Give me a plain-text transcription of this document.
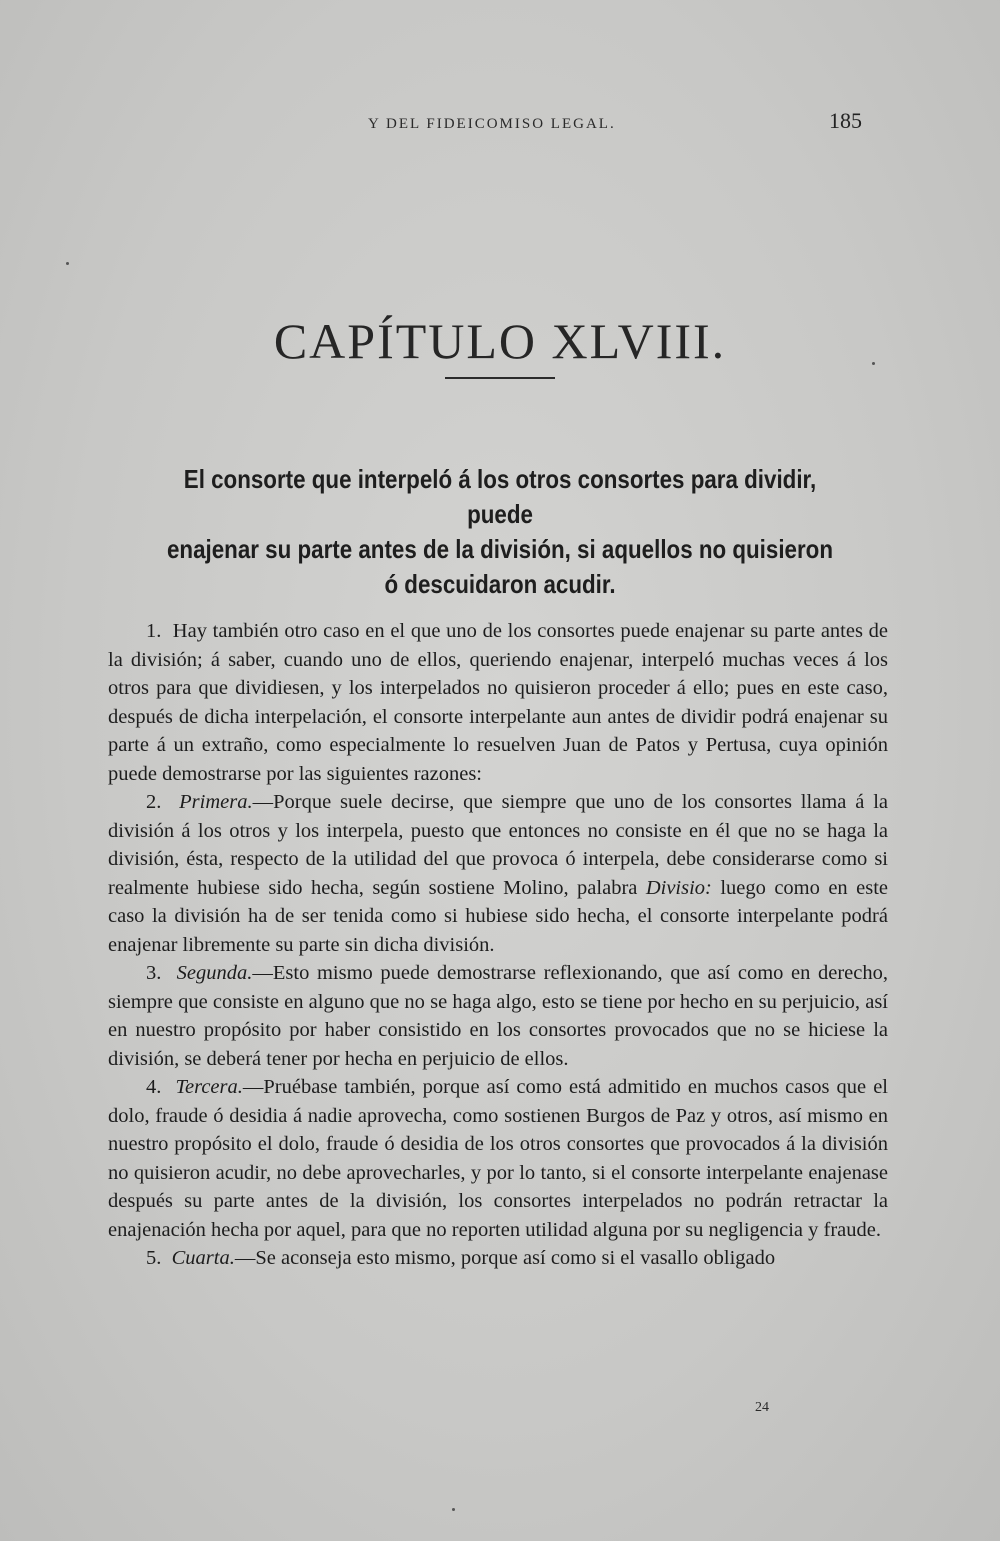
Y DEL FIDEICOMISO LEGAL.	185
CAPÍTULO XLVIII.
El consorte que interpeló á los otros consortes para dividir, puede
enajenar su parte antes de la división, si aquellos no quisieron
ó descuidaron acudir.

1. Hay también otro caso en el que uno de los consortes puede enajenar su parte antes de la división; á saber, cuando uno de ellos, queriendo enajenar, interpeló muchas veces á los otros para que dividiesen, y los interpelados no quisieron proceder á ello; pues en este caso, después de dicha interpelación, el consorte interpelante aun antes de dividir podrá enajenar su parte á un extraño, como especialmente lo resuelven Juan de Patos y Pertusa, cuya opinión puede demostrarse por las siguientes razones:

2. Primera.—Porque suele decirse, que siempre que uno de los consortes llama á la división á los otros y los interpela, puesto que entonces no consiste en él que no se haga la división, ésta, respecto de la utilidad del que provoca ó interpela, debe considerarse como si realmente hubiese sido hecha, según sostiene Molino, palabra Divisio: luego como en este caso la división ha de ser tenida como si hubiese sido hecha, el consorte interpelante podrá enajenar libremente su parte sin dicha división.

3. Segunda.—Esto mismo puede demostrarse reflexionando, que así como en derecho, siempre que consiste en alguno que no se haga algo, esto se tiene por hecho en su perjuicio, así en nuestro propósito por haber consistido en los consortes provocados que no se hiciese la división, se deberá tener por hecha en perjuicio de ellos.

4. Tercera.—Pruébase también, porque así como está admitido en muchos casos que el dolo, fraude ó desidia á nadie aprovecha, como sostienen Burgos de Paz y otros, así mismo en nuestro propósito el dolo, fraude ó desidia de los otros consortes que provocados á la división no quisieron acudir, no debe aprovecharles, y por lo tanto, si el consorte interpelante enajenase después su parte antes de la división, los consortes interpelados no podrán retractar la enajenación hecha por aquel, para que no reporten utilidad alguna por su negligencia y fraude.

5. Cuarta.—Se aconseja esto mismo, porque así como si el vasallo obligado

24
